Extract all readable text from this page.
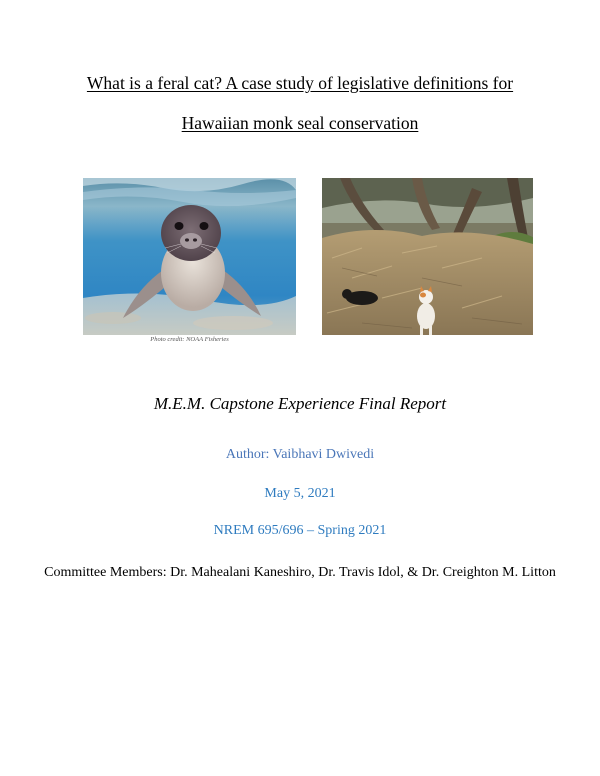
What is a feral cat? A case study of legislative definitions for
Hawaiian monk seal conservation
Photo credit: NOAA Fisheries
M.E.M. Capstone Experience Final Report
Author: Vaibhavi Dwivedi
May 5, 2021
NREM 695/696 – Spring 2021
Committee Members: Dr. Mahealani Kaneshiro, Dr. Travis Idol, & Dr. Creighton M. Litton
